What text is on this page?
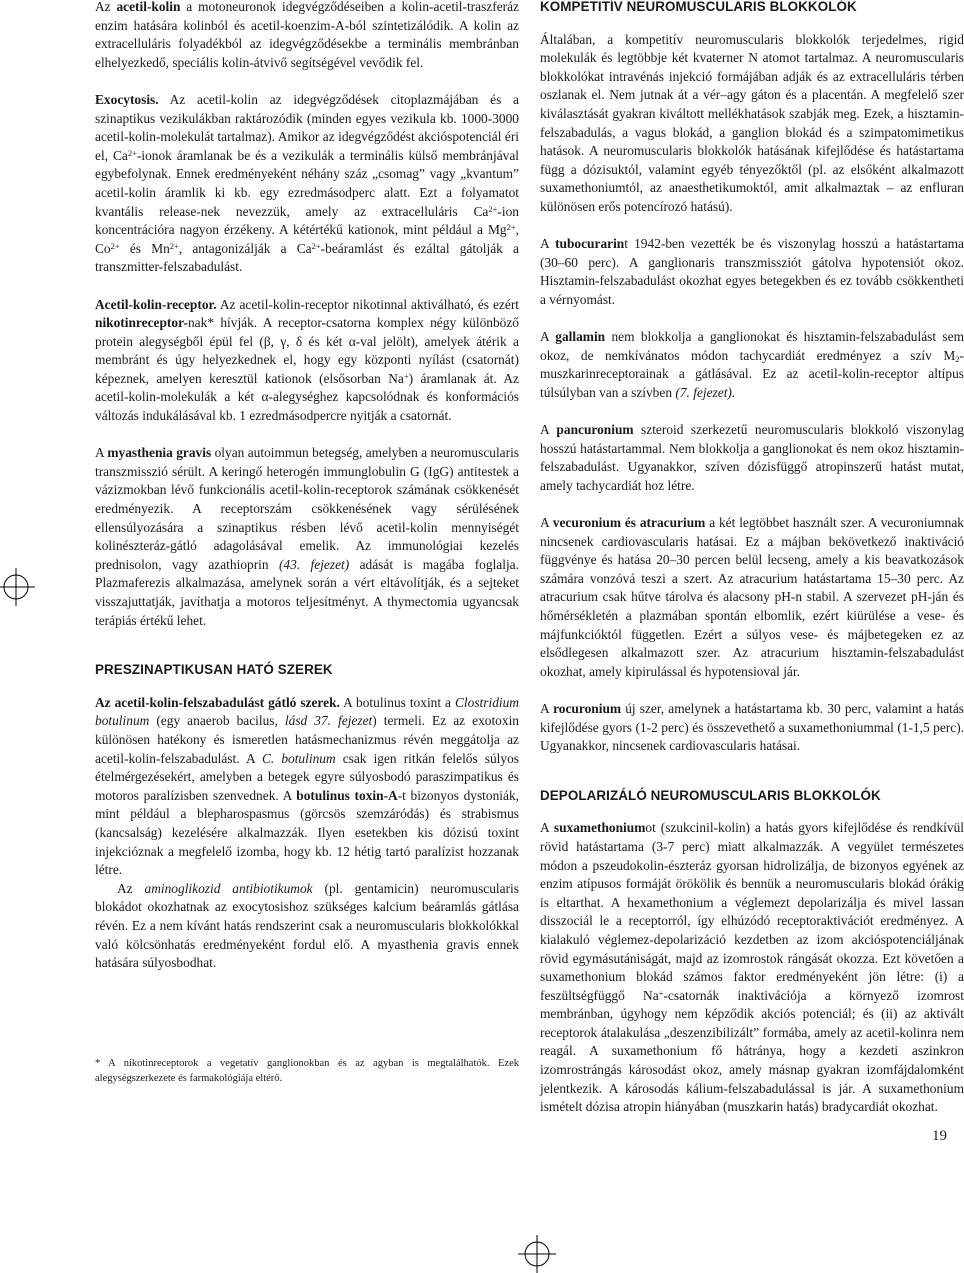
Az acetil-kolin a motoneuronok idegvégződéseiben a kolin-acetil-traszferáz enzim hatására kolinból és acetil-koenzim-A-ból szintetizálódik. A kolin az extracelluláris folyadékból az idegvégződésekbe a terminális membránban elhelyezkedő, speciális kolin-átvivő segítségével vevődik fel.

Exocytosis. Az acetil-kolin az idegvégződések citoplazmájában és a szinaptikus vezikulákban raktározódik (minden egyes vezikula kb. 1000-3000 acetil-kolin-molekulát tartalmaz). Amikor az idegvégződést akcióspotenciál éri el, $Ca^{2+}$-ionok áramlanak be és a vezikulák a terminális külső membránjával egybefolynak. Ennek eredményeként néhány száz „csomag” vagy „kvantum” acetil-kolin áramlik ki kb. egy ezredmásodperc alatt. Ezt a folyamatot kvantális release-nek nevezzük, amely az extracelluláris $Ca^{2+}$-ion koncentrációra nagyon érzékeny. A kétértékű kationok, mint például a $Mg^{2+}$, $Co^{2+}$ és $Mn^{2+}$, antagonizálják a $Ca^{2+}$-beáramlást és ezáltal gátolják a transzmitter-felszabadulást.

Acetil-kolin-receptor. Az acetil-kolin-receptor nikotinnal aktiválható, és ezért nikotinreceptor-nak* hívják. A receptor-csatorna komplex négy különböző protein alegységből épül fel (β, γ, δ és két α-val jelölt), amelyek átérik a membránt és úgy helyezkednek el, hogy egy központi nyílást (csatornát) képeznek, amelyen keresztül kationok (elsősorban Na+) áramlanak át. Az acetil-kolin-molekulák a két α-alegységhez kapcsolódnak és konformációs változás indukálásával kb. 1 ezredmásodpercre nyitják a csatornát.

A myasthenia gravis olyan autoimmun betegség, amelyben a neuromuscularis transzmisszió sérült. A keringő heterogén immunglobulin G (IgG) antitestek a vázizmokban lévő funkcionális acetil-kolin-receptorok számának csökkenését eredményezik. A receptorszám csökkenésének vagy sérülésének ellensúlyozására a szinaptikus résben lévő acetil-kolin mennyiségét kolinészteráz-gátló adagolásával emelik. Az immunológiai kezelés prednisolon, vagy azathioprin (43. fejezet) adását is magába foglalja. Plazmaferezis alkalmazása, amelynek során a vért eltávolítják, és a sejteket visszajuttatják, javíthatja a motoros teljesítményt. A thymectomia ugyancsak terápiás értékű lehet.

PRESZINAPTIKUSAN HATÓ SZEREK

Az acetil-kolin-felszabadulást gátló szerek. A botulinus toxint a Clostridium botulinum (egy anaerob bacilus, lásd 37. fejezet) termeli. Ez az exotoxin különösen hatékony és ismeretlen hatásmechanizmus révén meggátolja az acetil-kolin-felszabadulást. A C. botulinum csak igen ritkán felelős súlyos ételmérgezésekért, amelyben a betegek egyre súlyosbodó paraszimpatikus és motoros paralízisben szenvednek. A botulinus toxin-A-t bizonyos dystoniák, mint például a blepharospasmus (görcsös szemzáródás) és strabismus (kancsalság) kezelésére alkalmazzák. Ilyen esetekben kis dózisú toxint injekcióznak a megfelelő izomba, hogy kb. 12 hétig tartó paralízist hozzanak létre.

Az aminoglikozid antibiotikumok (pl. gentamicin) neuromuscularis blokádot okozhatnak az exocytosishoz szükséges kalcium beáramlás gátlása révén. Ez a nem kívánt hatás rendszerint csak a neuromuscularis blokkolókkal való kölcsönhatás eredményeként fordul elő. A myasthenia gravis ennek hatására súlyosbodhat.

* A nikotinreceptorok a vegetatív ganglionokban és az agyban is megtalálhatók. Ezek alegységszerkezete és farmakológiája eltérő.
KOMPETITÍV NEUROMUSCULARIS BLOKKOLÓK

Általában, a kompetitív neuromuscularis blokkolók terjedelmes, rigid molekulák és legtöbbje két kvaterner N atomot tartalmaz. A neuromuscularis blokkolókat intravénás injekció formájában adják és az extracelluláris térben oszlanak el. Nem jutnak át a vér–agy gáton és a placentán. A megfelelő szer kiválasztását gyakran kiváltott mellékhatások szabják meg. Ezek, a hisztamin-felszabadulás, a vagus blokád, a ganglion blokád és a szimpatomimetikus hatások. A neuromuscularis blokkolók hatásának kifejlődése és hatástartama függ a dózisuktól, valamint egyéb tényezőktől (pl. az elsőként alkalmazott suxamethoniumtól, az anaesthetikumoktól, amit alkalmaztak – az enfluran különösen erős potencírozó hatású).

A tubocurarint 1942-ben vezették be és viszonylag hosszú a hatástartama (30–60 perc). A ganglionaris transzmissziót gátolva hypotensiót okoz. Hisztamin-felszabadulást okozhat egyes betegekben és ez tovább csökkentheti a vérnyomást.

A gallamin nem blokkolja a ganglionokat és hisztamin-felszabadulást sem okoz, de nemkívánatos módon tachycardiát eredményez a szív $M_2$-muszkarinreceptorainak a gátlásával. Ez az acetil-kolin-receptor altípus túlsúlyban van a szívben (7. fejezet).

A pancuronium szteroid szerkezetű neuromuscularis blokkoló viszonylag hosszú hatástartammal. Nem blokkolja a ganglionokat és nem okoz hisztamin-felszabadulást. Ugyanakkor, szíven dózisfüggő atropinszerű hatást mutat, amely tachycardiát hoz létre.

A vecuronium és atracurium a két legtöbbet használt szer. A vecuroniumnak nincsenek cardiovascularis hatásai. Ez a májban bekövetkező inaktiváció függvénye és hatása 20–30 percen belül lecseng, amely a kis beavatkozások számára vonzóvá teszi a szert. Az atracurium hatástartama 15–30 perc. Az atracurium csak hűtve tárolva és alacsony pH-n stabil. A szervezet pH-ján és hőmérsékletén a plazmában spontán elbomlik, ezért kiürülése a vese- és májfunkcióktól független. Ezért a súlyos vese- és májbetegeken ez az elsődlegesen alkalmazott szer. Az atracurium hisztamin-felszabadulást okozhat, amely kipirulással és hypotensioval jár.

A rocuronium új szer, amelynek a hatástartama kb. 30 perc, valamint a hatás kifejlődése gyors (1-2 perc) és összevethető a suxamethoniummal (1-1,5 perc). Ugyanakkor, nincsenek cardiovascularis hatásai.

DEPOLARIZÁLÓ NEUROMUSCULARIS BLOKKOLÓK

A suxamethoniumot (szukcinil-kolin) a hatás gyors kifejlődése és rendkívül rövid hatástartama (3-7 perc) miatt alkalmazzák. A vegyület természetes módon a pszeudokolin-észteráz gyorsan hidrolizálja, de bizonyos egyének az enzim atípusos formáját örökölik és bennük a neuromuscularis blokád órákig is eltarthat. A hexamethonium a véglemezt depolarizálja és mivel lassan disszociál le a receptorról, így elhúzódó receptoraktivációt eredményez. A kialakuló véglemez-depolarizáció kezdetben az izom akcióspotenciáljának rövid egymásutániságát, majd az izomrostok rángását okozza. Ezt követően a suxamethonium blokád számos faktor eredményeként jön létre: (i) a feszültségfüggő Na+-csatornák inaktivációja a környező izomrost membránban, úgyhogy nem képződik akciós potenciál; és (ii) az aktivált receptorok átalakulása „deszenzibilizált” formába, amely az acetil-kolinra nem reagál. A suxamethonium fő hátránya, hogy a kezdeti aszinkron izomrostrángás károsodást okoz, amely másnap gyakran izomfájdalomként jelentkezik. A károsodás kálium-felszabadulással is jár. A suxamethonium ismételt dózisa atropin hiányában (muszkarin hatás) bradycardiát okozhat.

19
